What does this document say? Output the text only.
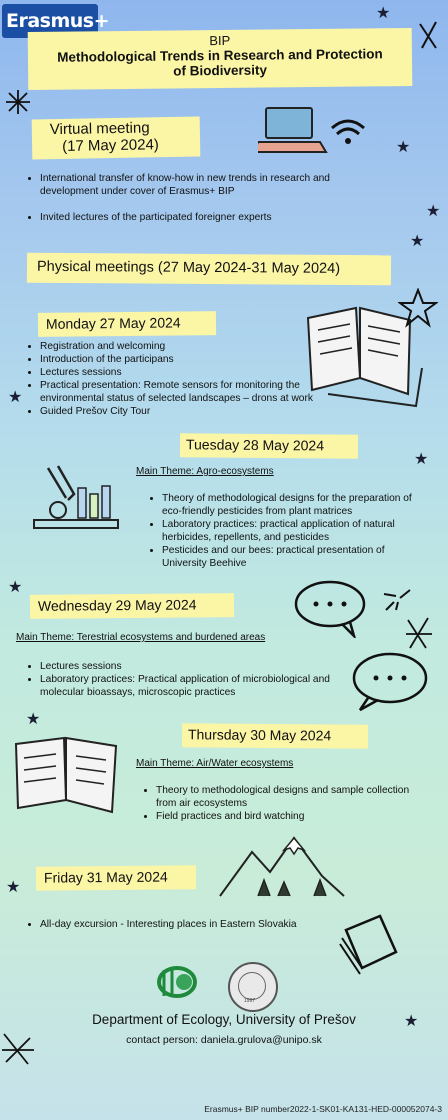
Erasmus+
BIP
Methodological Trends in Research and Protection
of Biodiversity
Virtual meeting
(17 May 2024)
• International transfer of know-how in new trends in research and development under cover of Erasmus+ BIP
• Invited lectures of the participated foreigner experts
Physical meetings (27 May 2024-31 May 2024)
Monday 27 May 2024
• Registration and welcoming
• Introduction of the participans
• Lectures sessions
• Practical presentation: Remote sensors for monitoring the environmental status of selected landscapes – drons at work
• Guided Prešov City Tour
Tuesday 28 May 2024
Main Theme: Agro-ecosystems
• Theory of methodological designs for the preparation of eco-friendly pesticides from plant matrices
• Laboratory practices: practical application of natural herbicides, repellents, and pesticides
• Pesticides and our bees: practical presentation of University Beehive
Wednesday 29 May 2024
Main Theme: Terestrial ecosystems and burdened areas
• Lectures sessions
• Laboratory practices: Practical application of microbiological and molecular bioassays, microscopic practices
Thursday 30 May 2024
Main Theme: Air/Water ecosystems
• Theory to methodological designs and sample collection from air ecosystems
• Field practices and bird watching
Friday 31 May 2024
• All-day excursion - Interesting places in Eastern Slovakia
1997
Department of Ecology, University of Prešov
contact person: daniela.grulova@unipo.sk
Erasmus+ BIP number2022-1-SK01-KA131-HED-000052074-3
★
★
★
★
★
★
★
★
★
★
